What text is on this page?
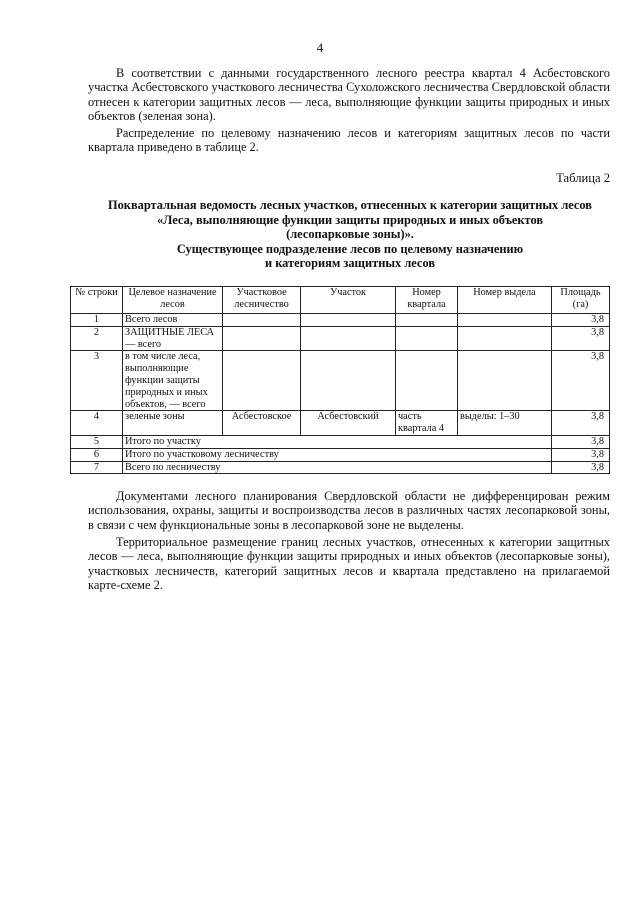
4

В соответствии с данными государственного лесного реестра квартал 4 Асбестовского участка Асбестовского участкового лесничества Сухоложского лесничества Свердловской области отнесен к категории защитных лесов — леса, выполняющие функции защиты природных и иных объектов (зеленая зона).

Распределение по целевому назначению лесов и категориям защитных лесов по части квартала приведено в таблице 2.

Таблица 2
Поквартальная ведомость лесных участков, отнесенных к категории защитных лесов
«Леса, выполняющие функции защиты природных и иных объектов
(лесопарковые зоны)».
Существующее подразделение лесов по целевому назначению
и категориям защитных лесов
№ строки	Целевое назначение лесов	Участковое лесничество	Участок	Номер квартала	Номер выдела	Площадь (га)
1	Всего лесов					3,8
2	ЗАЩИТНЫЕ ЛЕСА — всего					3,8
3	в том числе леса, выполняющие функции защиты природных и иных объектов, — всего					3,8
4	зеленые зоны	Асбестовское	Асбестовский	часть квартала 4	выделы: 1–30	3,8
5	Итого по участку					3,8
6	Итого по участковому лесничеству					3,8
7	Всего по лесничеству					3,8

Документами лесного планирования Свердловской области не дифференцирован режим использования, охраны, защиты и воспроизводства лесов в различных частях лесопарковой зоны, в связи с чем функциональные зоны в лесопарковой зоне не выделены.

Территориальное размещение границ лесных участков, отнесенных к категории защитных лесов — леса, выполняющие функции защиты природных и иных объектов (лесопарковые зоны), участковых лесничеств, категорий защитных лесов и квартала представлено на прилагаемой карте-схеме 2.
